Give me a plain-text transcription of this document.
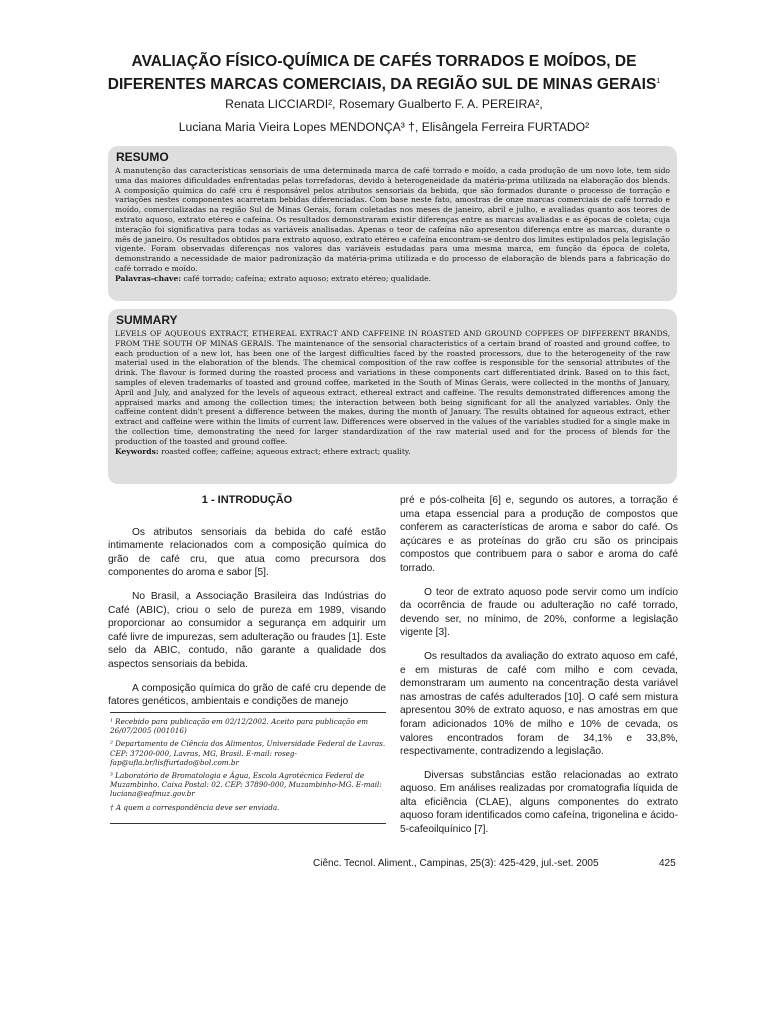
AVALIAÇÃO FÍSICO-QUÍMICA DE CAFÉS TORRADOS E MOÍDOS, DE
DIFERENTES MARCAS COMERCIAIS, DA REGIÃO SUL DE MINAS GERAIS$^1$
Renata LICCIARDI², Rosemary Gualberto F. A. PEREIRA²,
Luciana Maria Vieira Lopes MENDONÇA³ †, Elisângela Ferreira FURTADO²
RESUMO

A manutenção das características sensoriais de uma determinada marca de café torrado e moído, a cada produção de um novo lote, tem sido uma das maiores dificuldades enfrentadas pelas torrefadoras, devido à heterogeneidade da matéria-prima utilizada na elaboração dos blends. A composição química do café cru é responsável pelos atributos sensoriais da bebida, que são formados durante o processo de torração e variações nestes componentes acarretam bebidas diferenciadas. Com base neste fato, amostras de onze marcas comerciais de café torrado e moído, comercializadas na região Sul de Minas Gerais, foram coletadas nos meses de janeiro, abril e julho, e avaliadas quanto aos teores de extrato aquoso, extrato etéreo e cafeína. Os resultados demonstraram existir diferenças entre as marcas avaliadas e as épocas de coleta; cuja interação foi significativa para todas as variáveis analisadas. Apenas o teor de cafeína não apresentou diferença entre as marcas, durante o mês de janeiro. Os resultados obtidos para extrato aquoso, extrato etéreo e cafeína encontram-se dentro dos limites estipulados pela legislação vigente. Foram observadas diferenças nos valores das variáveis estudadas para uma mesma marca, em função da época de coleta, demonstrando a necessidade de maior padronização da matéria-prima utilizada e do processo de elaboração de blends para a fabricação do café torrado e moído.

Palavras-chave: café torrado; cafeína; extrato aquoso; extrato etéreo; qualidade.

SUMMARY

LEVELS OF AQUEOUS EXTRACT, ETHEREAL EXTRACT AND CAFFEINE IN ROASTED AND GROUND COFFEES OF DIFFERENT BRANDS, FROM THE SOUTH OF MINAS GERAIS. The maintenance of the sensorial characteristics of a certain brand of roasted and ground coffee, to each production of a new lot, has been one of the largest difficulties faced by the roasted processors, due to the heterogeneity of the raw material used in the elaboration of the blends. The chemical composition of the raw coffee is responsible for the sensorial attributes of the drink. The flavour is formed during the roasted process and variations in these components cart differentiated drink. Based on to this fact, samples of eleven trademarks of toasted and ground coffee, marketed in the South of Minas Gerais, were collected in the months of January, April and July, and analyzed for the levels of aqueous extract, ethereal extract and caffeine. The results demonstrated differences among the appraised marks and among the collection times; the interaction between both being significant for all the analyzed variables. Only the caffeine content didn't present a difference between the makes, during the month of January. The results obtained for aqueous extract, ether extract and caffeine were within the limits of current law. Differences were observed in the values of the variables studied for a single make in the collection time, demonstrating the need for larger standardization of the raw material used and for the process of blends for the production of the toasted and ground coffee.

Keywords: roasted coffee; caffeine; aqueous extract; ethere extract; quality.

1 - INTRODUÇÃO

Os atributos sensoriais da bebida do café estão intimamente relacionados com a composição química do grão de café cru, que atua como precursora dos componentes do aroma e sabor [5].

No Brasil, a Associação Brasileira das Indústrias do Café (ABIC), criou o selo de pureza em 1989, visando proporcionar ao consumidor a segurança em adquirir um café livre de impurezas, sem adulteração ou fraudes [1]. Este selo da ABIC, contudo, não garante a qualidade dos aspectos sensoriais da bebida.

A composição química do grão de café cru depende de fatores genéticos, ambientais e condições de manejo

¹ Recebido para publicação em 02/12/2002. Aceito para publicação em 26/07/2005 (001016)

² Departamento de Ciência dos Alimentos, Universidade Federal de Lavras. CEP: 37200-000, Lavras, MG, Brasil. E-mail: roseg-fap@ufla.br/lisffurtado@bol.com.br

³ Laboratório de Bromatologia e Água, Escola Agrotécnica Federal de Muzambinho. Caixa Postal: 02. CEP: 37890-000, Muzambinho-MG. E-mail: luciana@eafmuz.gov.br

† A quem a correspondência deve ser enviada.

pré e pós-colheita [6] e, segundo os autores, a torração é uma etapa essencial para a produção de compostos que conferem as características de aroma e sabor do café. Os açúcares e as proteínas do grão cru são os principais compostos que contribuem para o sabor e aroma do café torrado.

O teor de extrato aquoso pode servir como um indício da ocorrência de fraude ou adulteração no café torrado, devendo ser, no mínimo, de 20%, conforme a legislação vigente [3].

Os resultados da avaliação do extrato aquoso em café, e em misturas de café com milho e com cevada, demonstraram um aumento na concentração desta variável nas amostras de cafés adulterados [10]. O café sem mistura apresentou 30% de extrato aquoso, e nas amostras em que foram adicionados 10% de milho e 10% de cevada, os valores encontrados foram de 34,1% e 33,8%, respectivamente, contradizendo a legislação.

Diversas substâncias estão relacionadas ao extrato aquoso. Em análises realizadas por cromatografia líquida de alta eficiência (CLAE), alguns componentes do extrato aquoso foram identificados como cafeína, trigonelina e ácido-5-cafeoilquínico [7].

Ciênc. Tecnol. Aliment., Campinas, 25(3): 425-429, jul.-set. 2005	425
